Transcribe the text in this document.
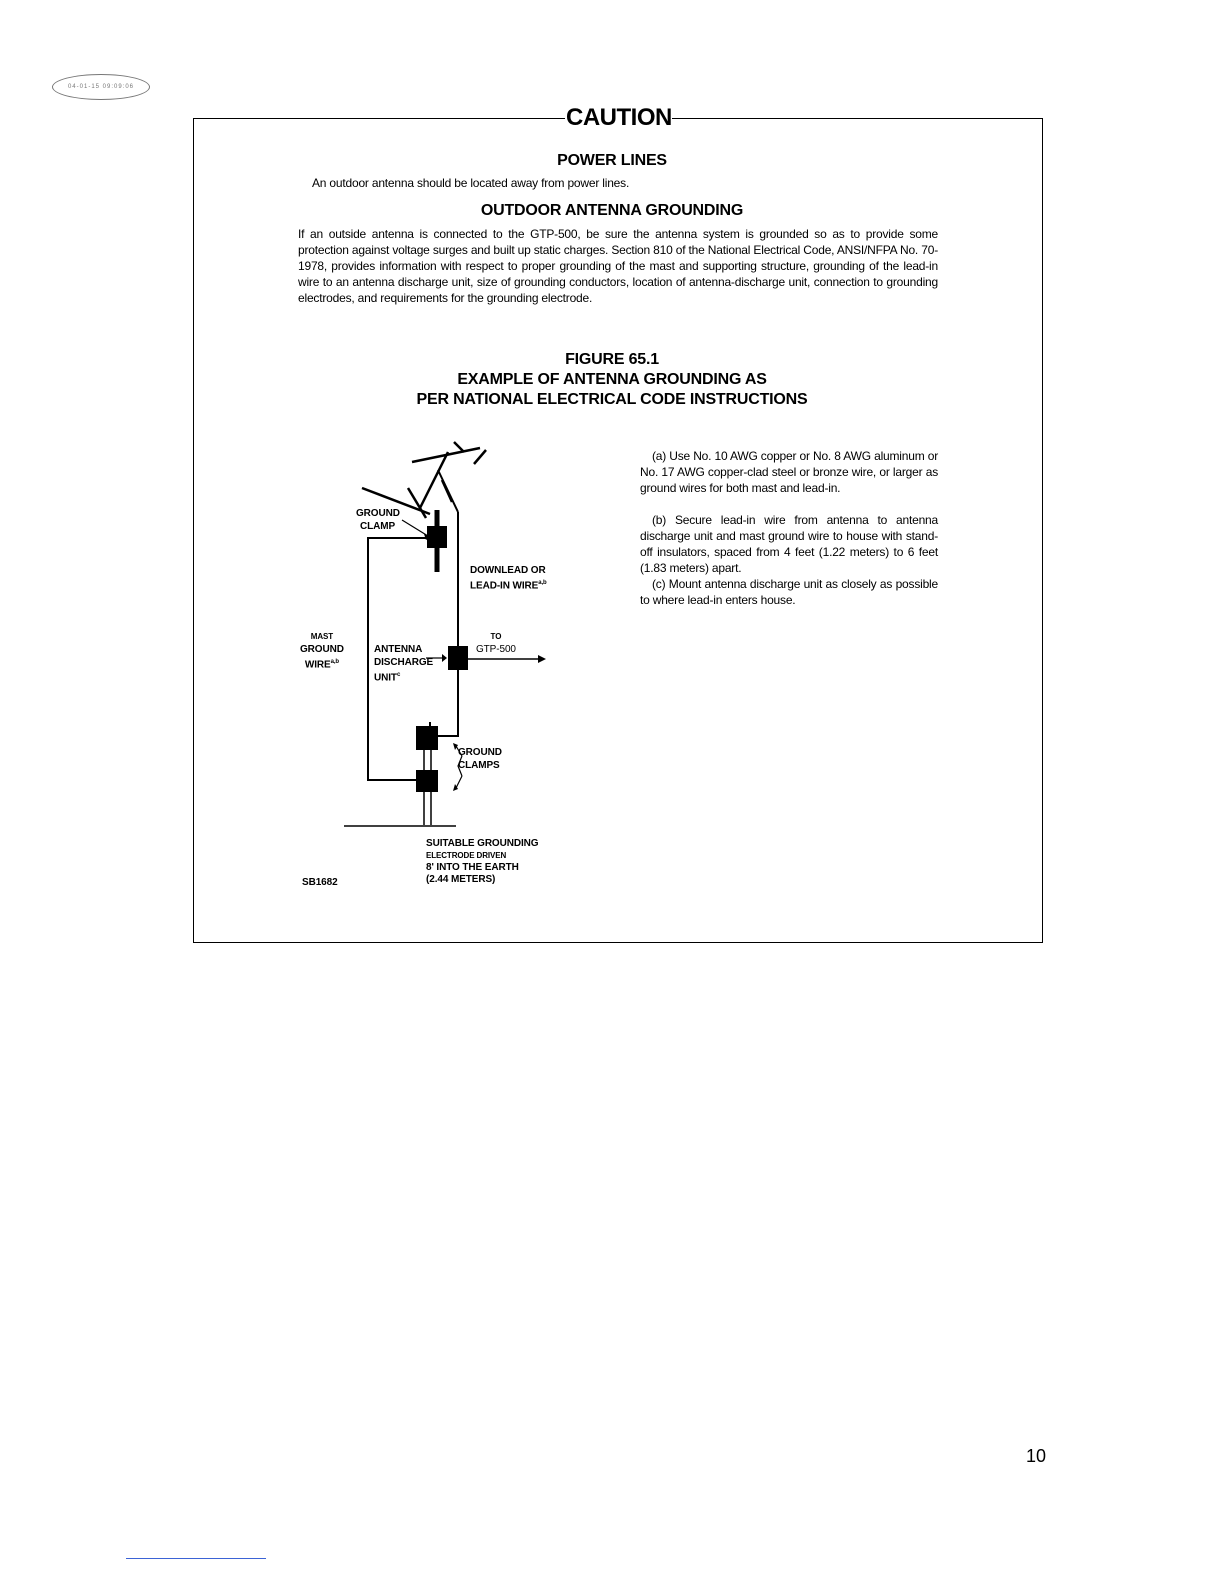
04-01-15 09:09:06
CAUTION
POWER LINES
An outdoor antenna should be located away from power lines.
OUTDOOR ANTENNA GROUNDING
If an outside antenna is connected to the GTP-500, be sure the antenna system is grounded so as to provide some protection against voltage surges and built up static charges. Section 810 of the National Electrical Code, ANSI/NFPA No. 70-1978, provides information with respect to proper grounding of the mast and supporting structure, grounding of the lead-in wire to an antenna discharge unit, size of grounding conductors, location of antenna-discharge unit, connection to grounding electrodes, and requirements for the grounding electrode.
FIGURE 65.1
EXAMPLE OF ANTENNA GROUNDING AS
PER NATIONAL ELECTRICAL CODE INSTRUCTIONS
GROUND
CLAMP
DOWNLEAD OR
LEAD-IN WIRE$^{a,b}$
MAST
GROUND
WIRE$^{a,b}$
ANTENNA
DISCHARGE
UNIT$^c$
TO
GTP-500
GROUND
CLAMPS
SUITABLE GROUNDING
ELECTRODE DRIVEN
8' INTO THE EARTH
(2.44 METERS)
SB1682

(a) Use No. 10 AWG copper or No. 8 AWG aluminum or No. 17 AWG copper-clad steel or bronze wire, or larger as ground wires for both mast and lead-in.

(b) Secure lead-in wire from antenna to antenna discharge unit and mast ground wire to house with stand-off insulators, spaced from 4 feet (1.22 meters) to 6 feet (1.83 meters) apart.

(c) Mount antenna discharge unit as closely as possible to where lead-in enters house.

10
